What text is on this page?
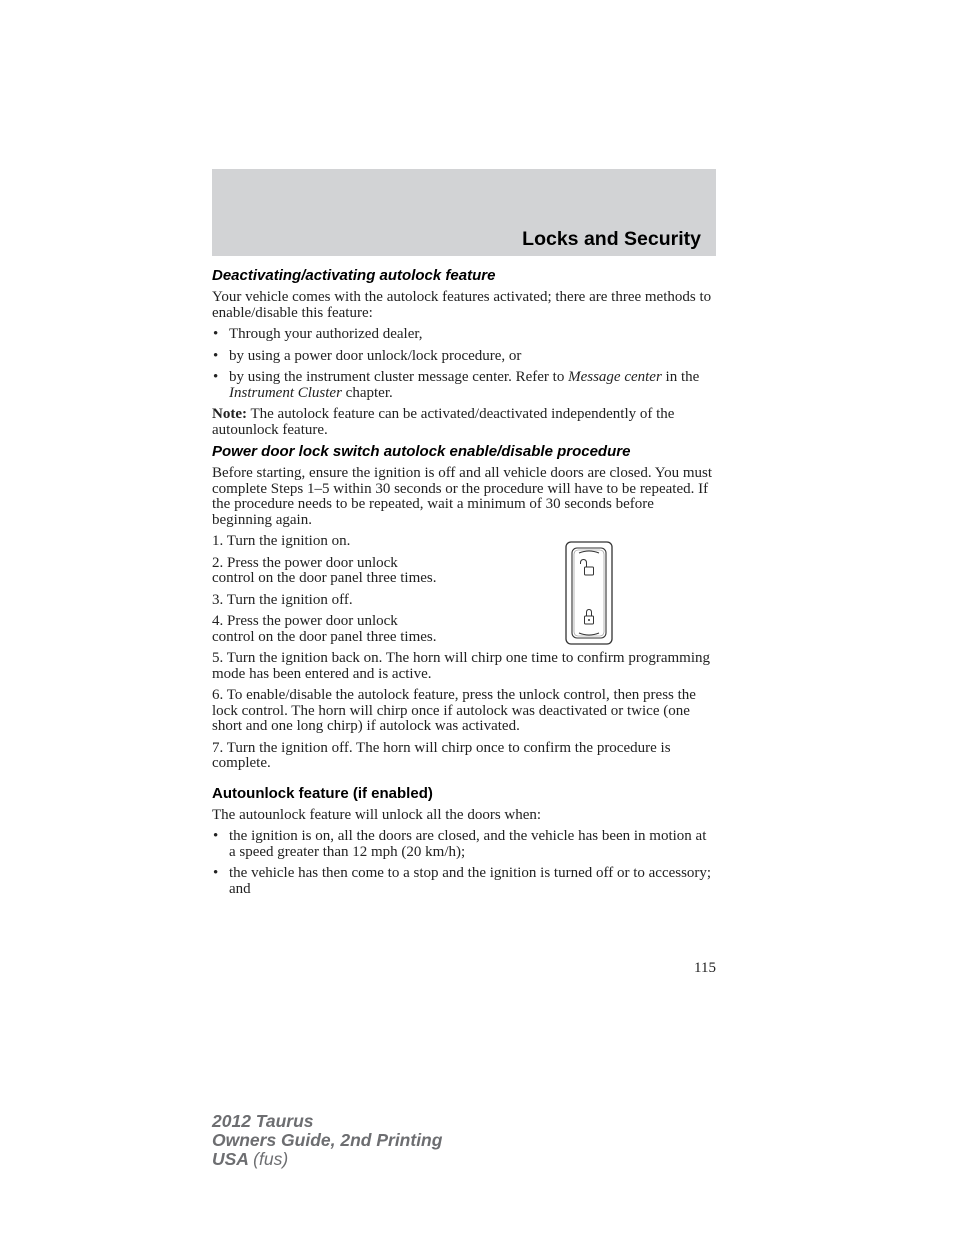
Locks and Security
Deactivating/activating autolock feature

Your vehicle comes with the autolock features activated; there are three methods to enable/disable this feature:

• Through your authorized dealer,
• by using a power door unlock/lock procedure, or
• by using the instrument cluster message center. Refer to Message center in the Instrument Cluster chapter.

Note: The autolock feature can be activated/deactivated independently of the autounlock feature.

Power door lock switch autolock enable/disable procedure

Before starting, ensure the ignition is off and all vehicle doors are closed. You must complete Steps 1–5 within 30 seconds or the procedure will have to be repeated. If the procedure needs to be repeated, wait a minimum of 30 seconds before beginning again.

1. Turn the ignition on.

2. Press the power door unlock control on the door panel three times.

3. Turn the ignition off.

4. Press the power door unlock control on the door panel three times.

5. Turn the ignition back on. The horn will chirp one time to confirm programming mode has been entered and is active.

6. To enable/disable the autolock feature, press the unlock control, then press the lock control. The horn will chirp once if autolock was deactivated or twice (one short and one long chirp) if autolock was activated.

7. Turn the ignition off. The horn will chirp once to confirm the procedure is complete.

Autounlock feature (if enabled)

The autounlock feature will unlock all the doors when:

• the ignition is on, all the doors are closed, and the vehicle has been in motion at a speed greater than 12 mph (20 km/h);
• the vehicle has then come to a stop and the ignition is turned off or to accessory; and
115
2012 Taurus
Owners Guide, 2nd Printing
USA (fus)
